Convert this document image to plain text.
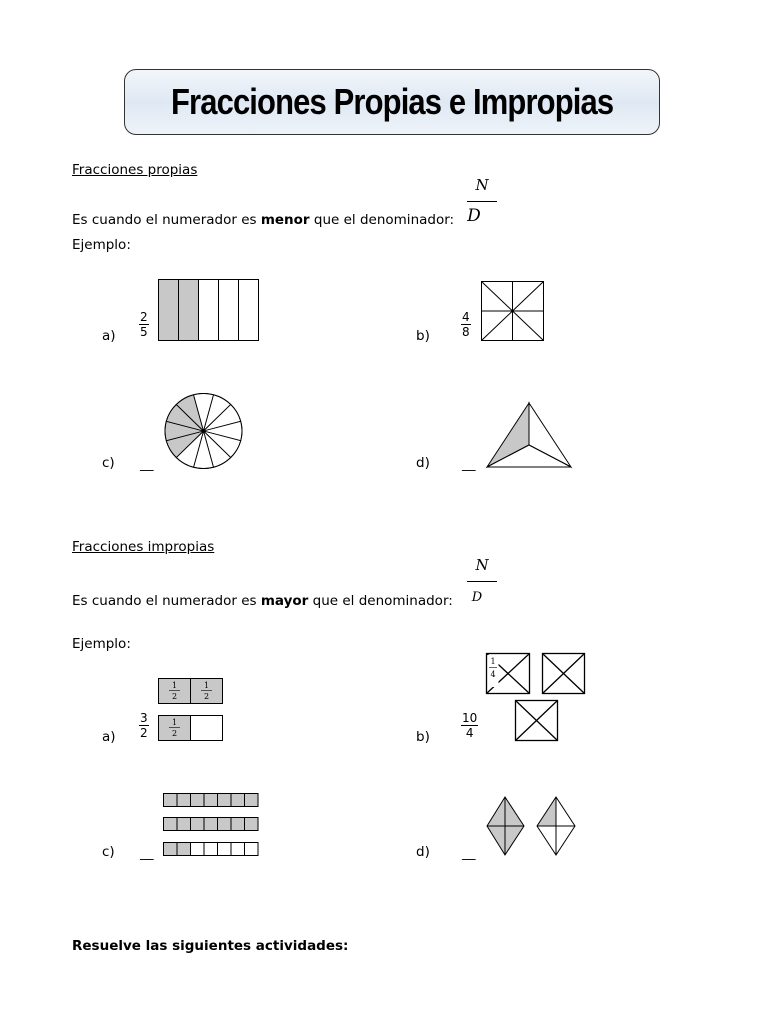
Fracciones Propias e Impropias
Fracciones propias
Es cuando el numerador es menor que el denominador:
N
D
Ejemplo:
$a) \frac{2}{5}$	b)	$\frac{4}{8}$
c) __	d) __
Fracciones impropias
Es cuando el numerador es mayor que el denominador:
N
D
Ejemplo:
$a) \frac{3}{2}$
1
2
1
2
1
2	b)	$\frac{10}{4}$
1
4
c) __	d) __
Resuelve las siguientes actividades:
